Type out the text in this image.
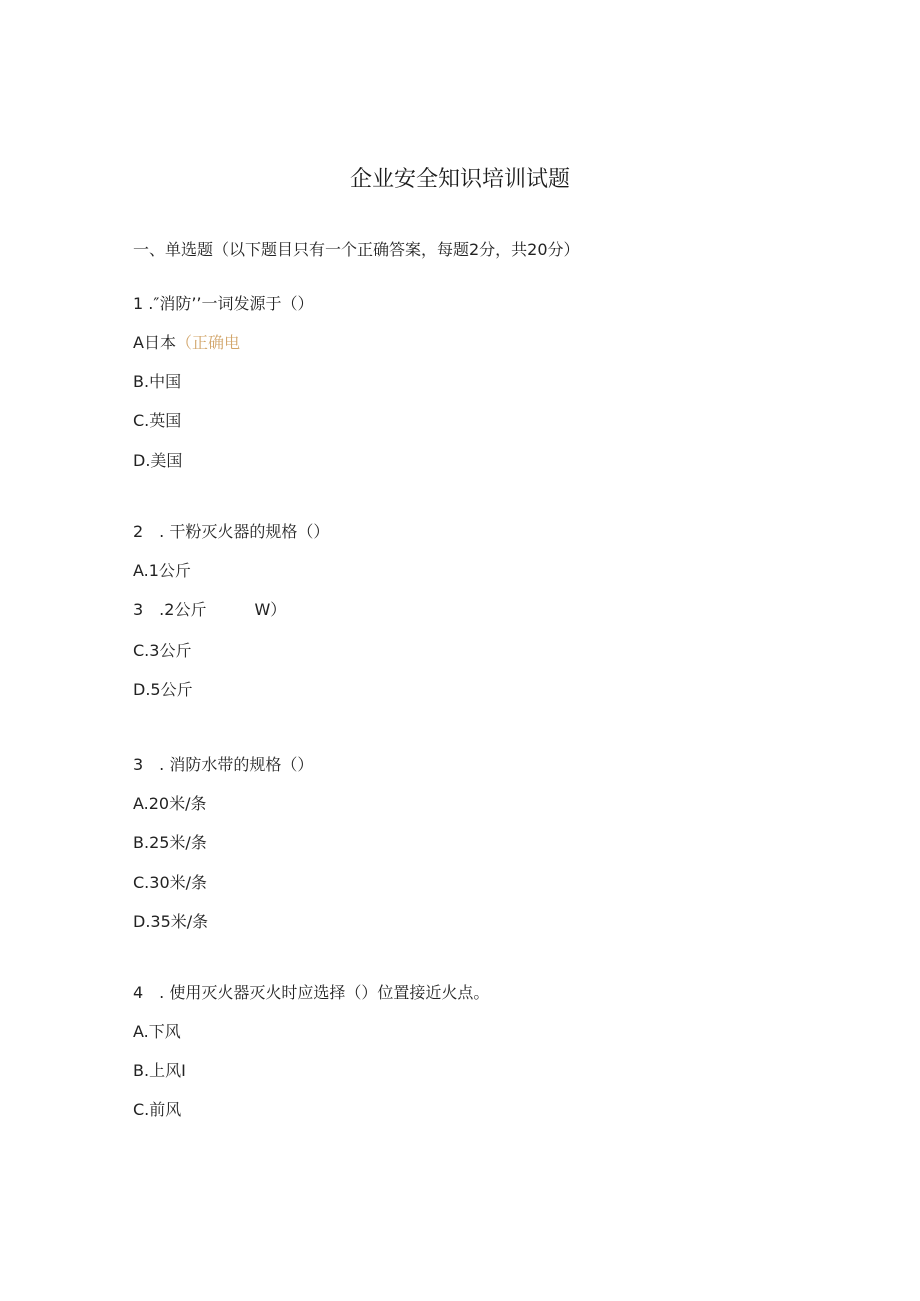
企业安全知识培训试题
一、单选题（以下题目只有一个正确答案，每题2分，共20分）
1 .″消防’’一词发源于（）
A日本（正确电
B.中国
C.英国
D.美国
2　. 干粉灭火器的规格（）
A.1公斤
3　.2公斤　　　W）
C.3公斤
D.5公斤
3　. 消防水带的规格（）
A.20米/条
B.25米/条
C.30米/条
D.35米/条
4　. 使用灭火器灭火时应选择（）位置接近火点。
A.下风
B.上风I
C.前风
